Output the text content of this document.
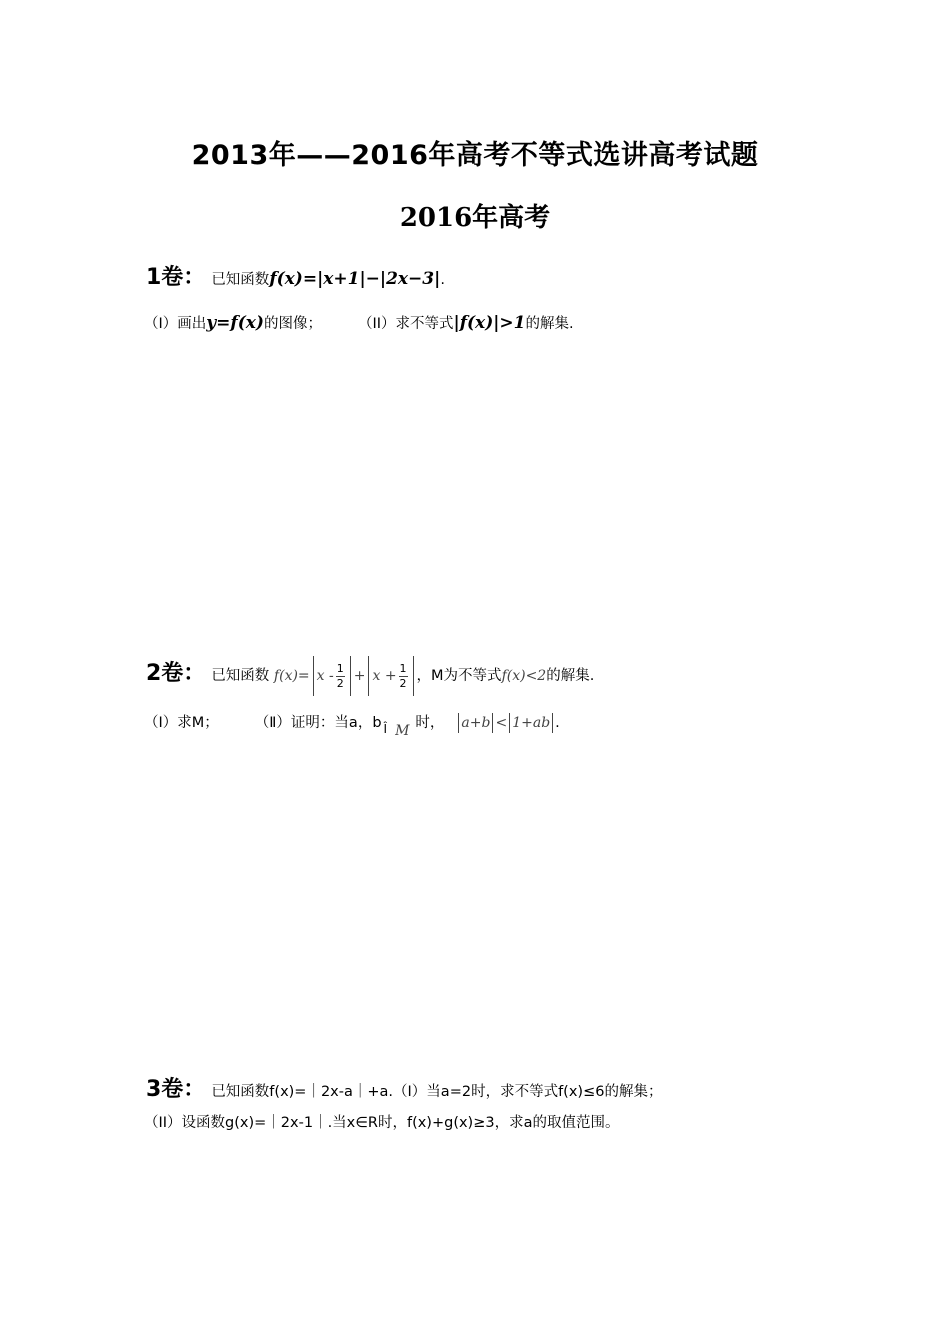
2013年——2016年高考不等式选讲高考试题
2016年高考
1卷： 已知函数f(x)=|x+1|−|2x−3|.
（I）画出y=f(x)的图像； （II）求不等式|f(x)|>1的解集.
2卷： 已知函数 $f(x)= x - \frac{1}{2} + x + \frac{1}{2}$ ，M为不等式f(x)<2的解集.
（Ⅰ）求M； （Ⅱ）证明：当a，b $_Î$ M 时， a+b < 1+ab .
3卷： 已知函数f(x)=｜2x-a｜+a.（I）当a=2时，求不等式f(x)≤6的解集；
（II）设函数g(x)=｜2x-1｜.当x∈R时，f(x)+g(x)≥3，求a的取值范围。
